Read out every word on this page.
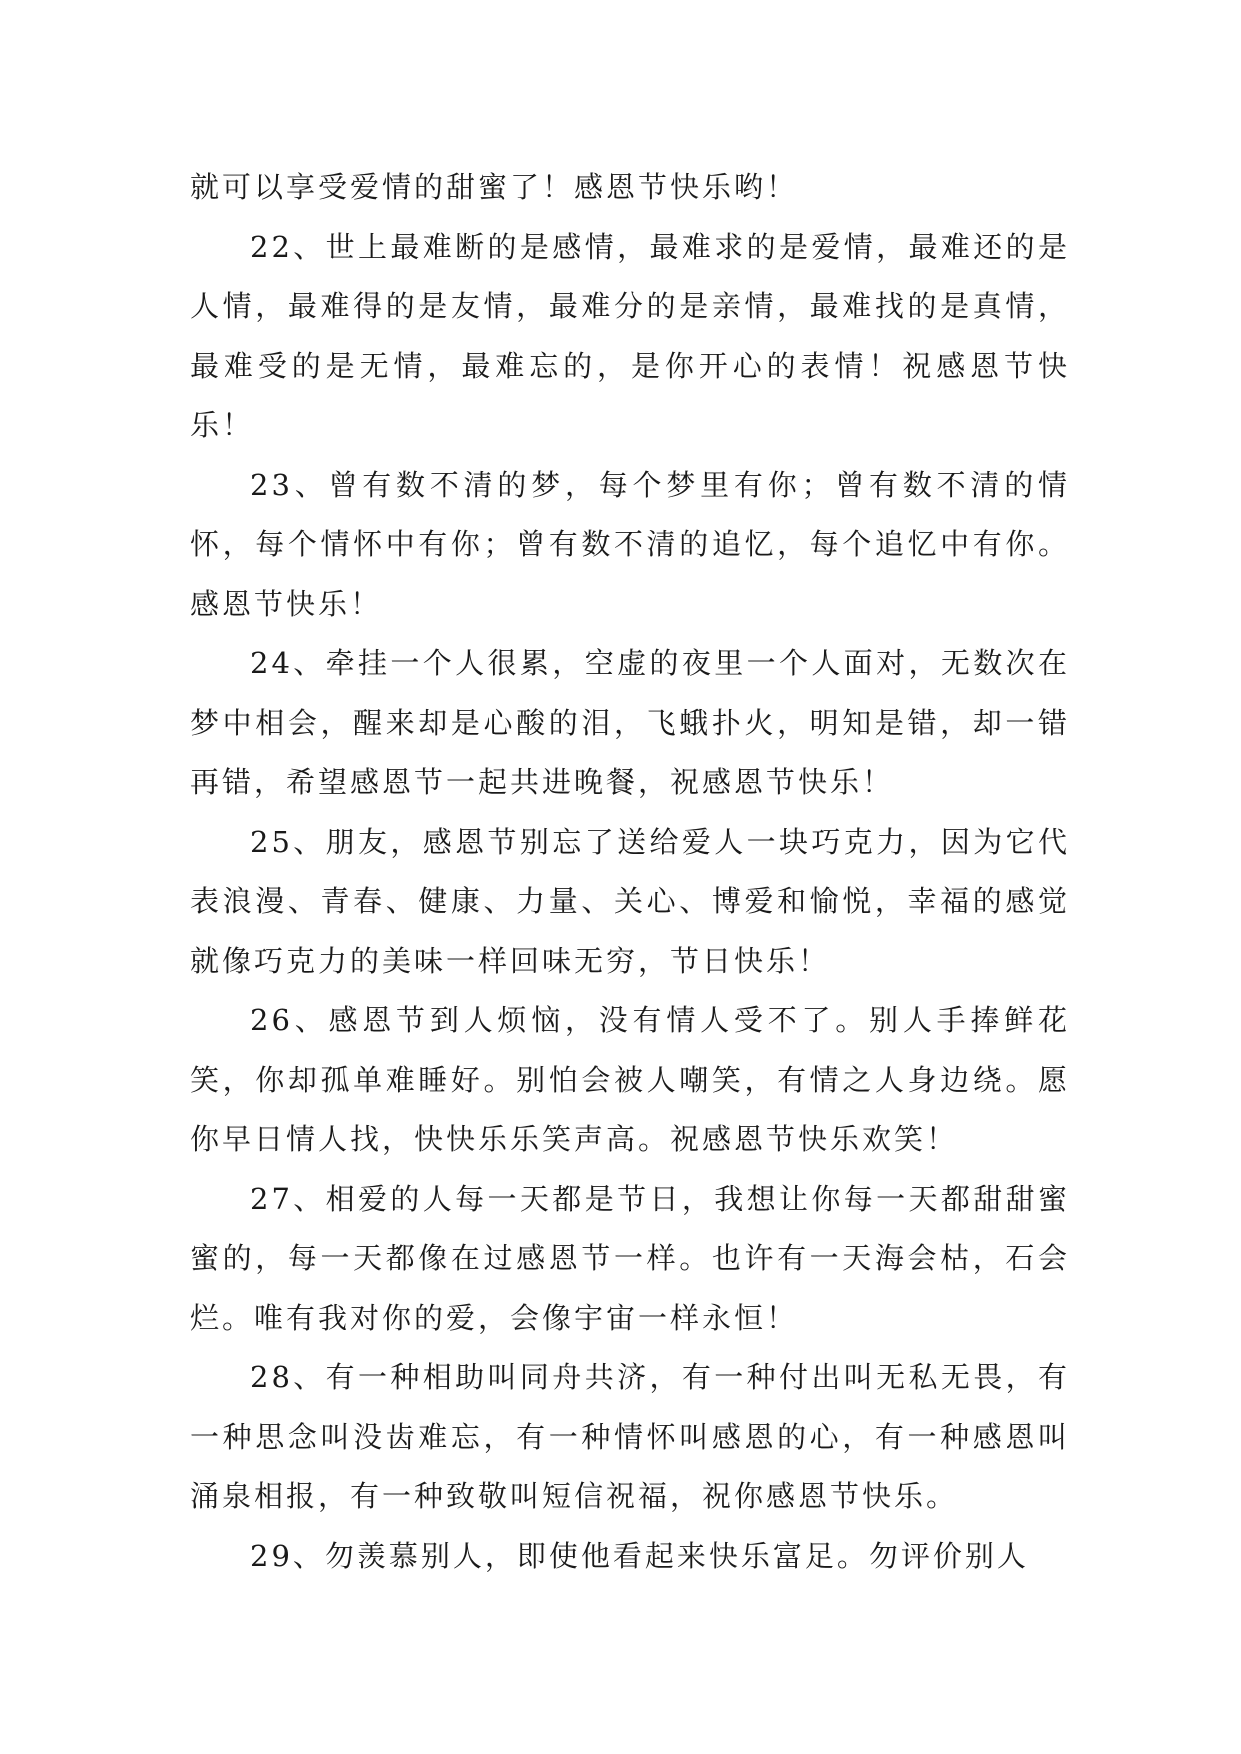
就可以享受爱情的甜蜜了！感恩节快乐哟！

22、世上最难断的是感情，最难求的是爱情，最难还的是人情，最难得的是友情，最难分的是亲情，最难找的是真情，最难受的是无情，最难忘的，是你开心的表情！祝感恩节快乐！

23、曾有数不清的梦，每个梦里有你；曾有数不清的情怀，每个情怀中有你；曾有数不清的追忆，每个追忆中有你。感恩节快乐！

24、牵挂一个人很累，空虚的夜里一个人面对，无数次在梦中相会，醒来却是心酸的泪，飞蛾扑火，明知是错，却一错再错，希望感恩节一起共进晚餐，祝感恩节快乐！

25、朋友，感恩节别忘了送给爱人一块巧克力，因为它代表浪漫、青春、健康、力量、关心、博爱和愉悦，幸福的感觉就像巧克力的美味一样回味无穷，节日快乐！

26、感恩节到人烦恼，没有情人受不了。别人手捧鲜花笑，你却孤单难睡好。别怕会被人嘲笑，有情之人身边绕。愿你早日情人找，快快乐乐笑声高。祝感恩节快乐欢笑！

27、相爱的人每一天都是节日，我想让你每一天都甜甜蜜蜜的，每一天都像在过感恩节一样。也许有一天海会枯，石会烂。唯有我对你的爱，会像宇宙一样永恒！

28、有一种相助叫同舟共济，有一种付出叫无私无畏，有一种思念叫没齿难忘，有一种情怀叫感恩的心，有一种感恩叫涌泉相报，有一种致敬叫短信祝福，祝你感恩节快乐。

29、勿羡慕别人，即使他看起来快乐富足。勿评价别人
